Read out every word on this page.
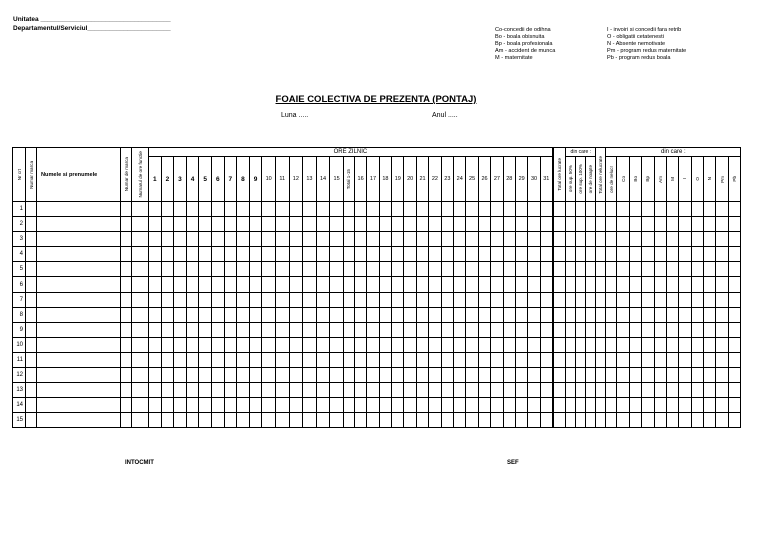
Unitatea ____________________________________
Departamentul/Serviciul_______________________	Co-concedii de odihna
Bo - boala obisnuita
Bp - boala profesionala
Am - accident de munca
M - maternitate
I - invoiri si concedii fara retrib
O - obligatii cetatenesti
N - Absente nemotivate
Pm - program redus maternitate
Pb - program redus boala
FOAIE COLECTIVA DE PREZENTA (PONTAJ)
Luna .....	Anul .....
Nr crt	Numar marca	Numele si prenumele	Numar de marca	Numarul de ore functie	ORE ZILNIC																																Total ore lucrate	din care :			Total ore nelucrate	din care :										
					1	2	3	4	5	6	7	8	9	10	11	12	13	14	15	Total 1-15	16	17	18	19	20	21	22	23	24	25	26	27	28	29	30	31		ore sup. 50%	ore sup. 100%	ore de noapte		ore de nelucr	Co	Bo	Bp	Am	M	I	O	N	Pm	Pb

1																																																				
2																																																				
3																																																				
4																																																				
5																																																				
6																																																				
7																																																				
8																																																				
9																																																				
10																																																				
11																																																				
12																																																				
13																																																				
14																																																				
15																																																				
INTOCMIT	SEF
